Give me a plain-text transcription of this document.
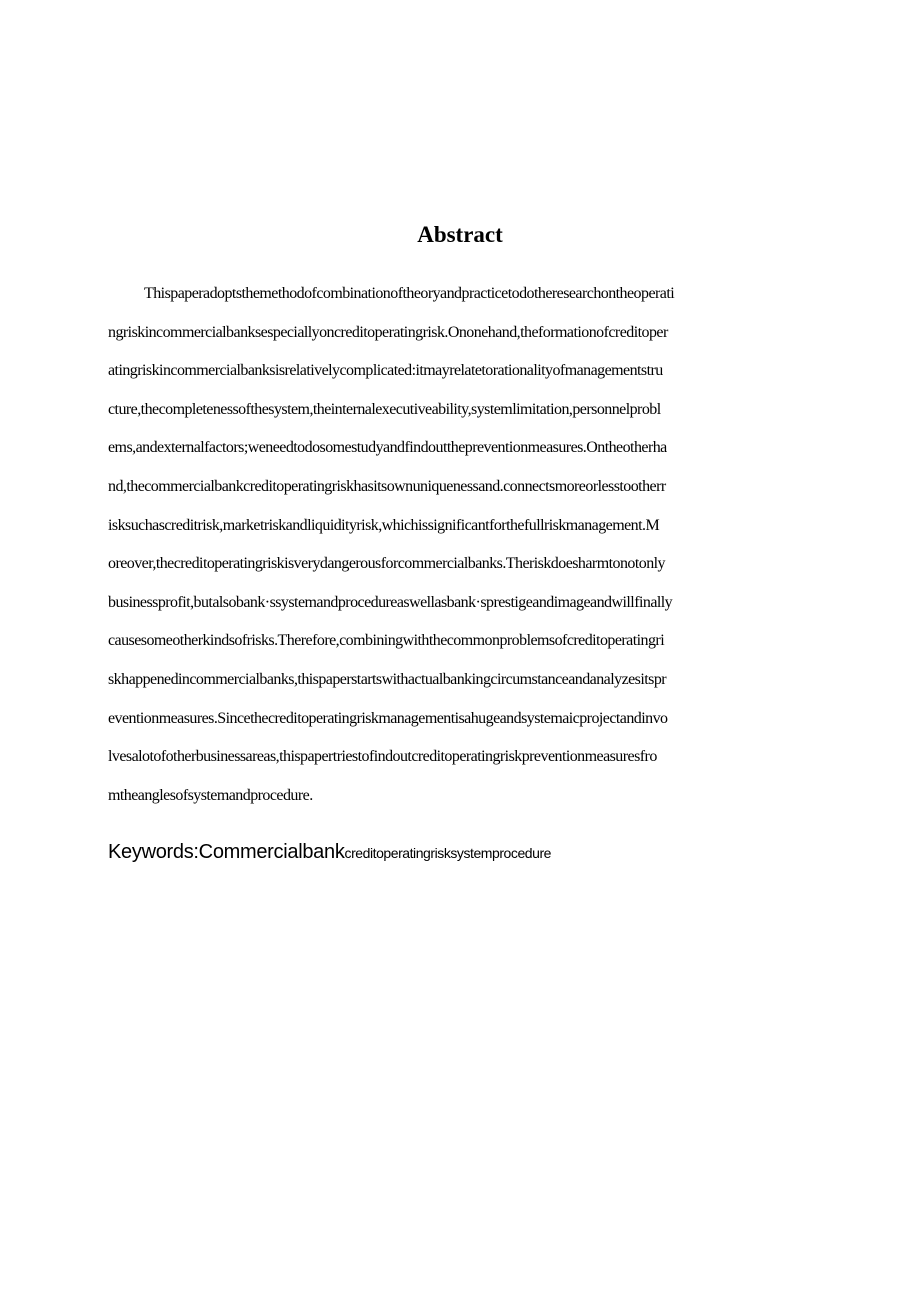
Abstract
Thispaperadoptsthemethodofcombinationoftheoryandpracticetodotheresearchontheoperati
ngriskincommercialbanksespeciallyoncreditoperatingrisk.Ononehand,theformationofcreditoper
atingriskincommercialbanksisrelativelycomplicated:itmayrelatetorationalityofmanagementstru
cture,thecompletenessofthesystem,theinternalexecutiveability,systemlimitation,personnelprobl
ems,andexternalfactors;weneedtodosomestudyandfindoutthepreventionmeasures.Ontheotherha
nd,thecommercialbankcreditoperatingriskhasitsownuniquenessand.connectsmoreorlesstootherr
isksuchascreditrisk,marketriskandliquidityrisk,whichissignificantforthefullriskmanagement.M
oreover,thecreditoperatingriskisverydangerousforcommercialbanks.Theriskdoesharmtonotonly
businessprofit,butalsobank·ssystemandprocedureaswellasbank·sprestigeandimageandwillfinally
causesomeotherkindsofrisks.Therefore,combiningwiththecommonproblemsofcreditoperatingri
skhappenedincommercialbanks,thispaperstartswithactualbankingcircumstanceandanalyzesitspr
eventionmeasures.Sincethecreditoperatingriskmanagementisahugeandsystemaicprojectandinvo
lvesalotofotherbusinessareas,thispapertriestofindoutcreditoperatingriskpreventionmeasuresfro
mtheanglesofsystemandprocedure.
Keywords:Commercialbankcreditoperatingrisksystemprocedure
